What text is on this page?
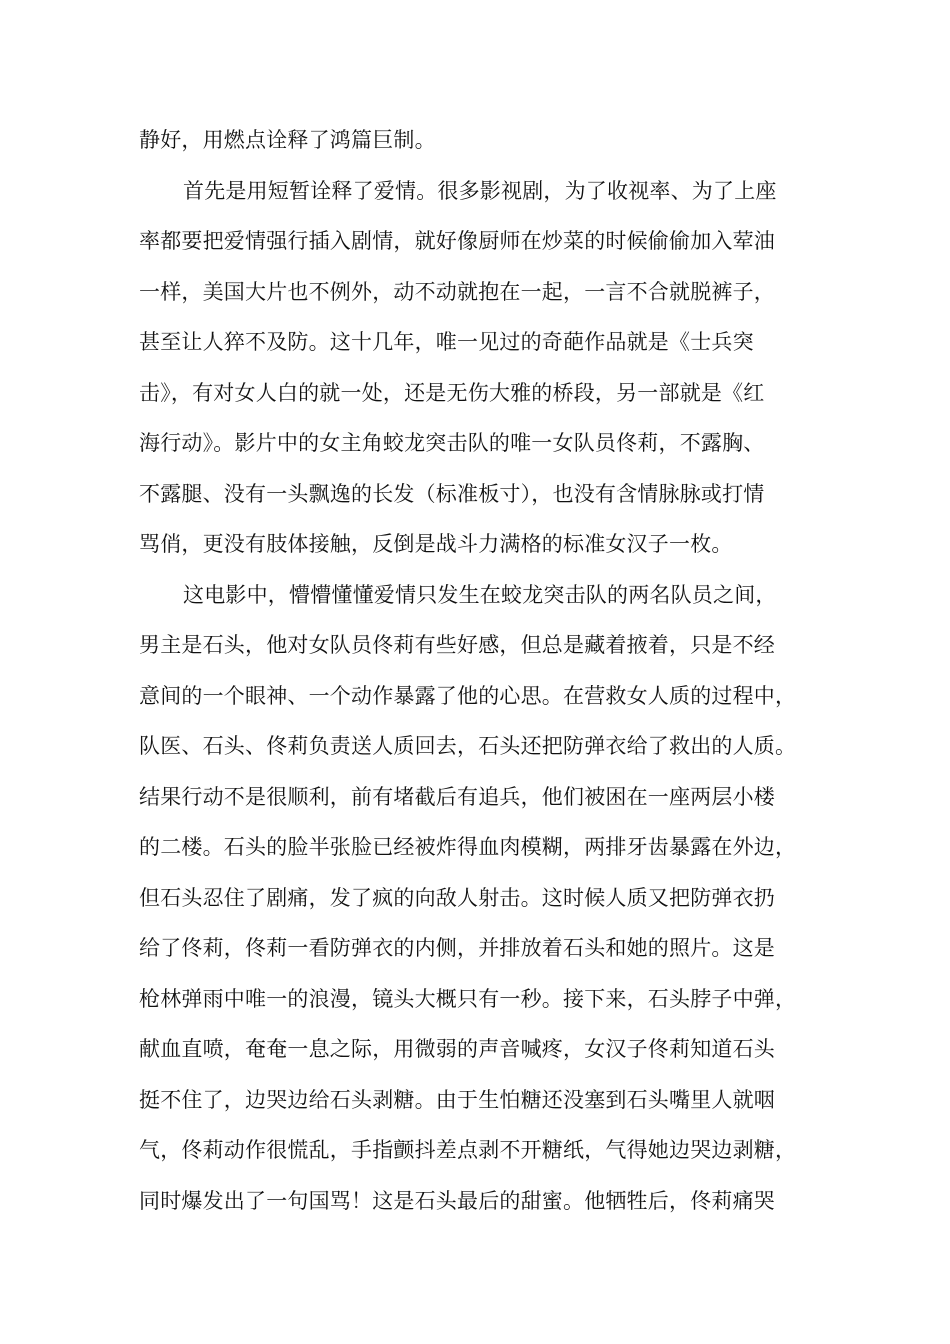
静好，用燃点诠释了鸿篇巨制。
首先是用短暂诠释了爱情。很多影视剧，为了收视率、为了上座
率都要把爱情强行插入剧情，就好像厨师在炒菜的时候偷偷加入荤油
一样，美国大片也不例外，动不动就抱在一起，一言不合就脱裤子，
甚至让人猝不及防。这十几年，唯一见过的奇葩作品就是《士兵突
击》，有对女人白的就一处，还是无伤大雅的桥段，另一部就是《红
海行动》。影片中的女主角蛟龙突击队的唯一女队员佟莉，不露胸、
不露腿、没有一头飘逸的长发（标准板寸），也没有含情脉脉或打情
骂俏，更没有肢体接触，反倒是战斗力满格的标准女汉子一枚。
这电影中，懵懵懂懂爱情只发生在蛟龙突击队的两名队员之间，
男主是石头，他对女队员佟莉有些好感，但总是藏着掖着，只是不经
意间的一个眼神、一个动作暴露了他的心思。在营救女人质的过程中，
队医、石头、佟莉负责送人质回去，石头还把防弹衣给了救出的人质。
结果行动不是很顺利，前有堵截后有追兵，他们被困在一座两层小楼
的二楼。石头的脸半张脸已经被炸得血肉模糊，两排牙齿暴露在外边，
但石头忍住了剧痛，发了疯的向敌人射击。这时候人质又把防弹衣扔
给了佟莉，佟莉一看防弹衣的内侧，并排放着石头和她的照片。这是
枪林弹雨中唯一的浪漫，镜头大概只有一秒。接下来，石头脖子中弹，
献血直喷，奄奄一息之际，用微弱的声音喊疼，女汉子佟莉知道石头
挺不住了，边哭边给石头剥糖。由于生怕糖还没塞到石头嘴里人就咽
气，佟莉动作很慌乱，手指颤抖差点剥不开糖纸，气得她边哭边剥糖，
同时爆发出了一句国骂！这是石头最后的甜蜜。他牺牲后，佟莉痛哭
